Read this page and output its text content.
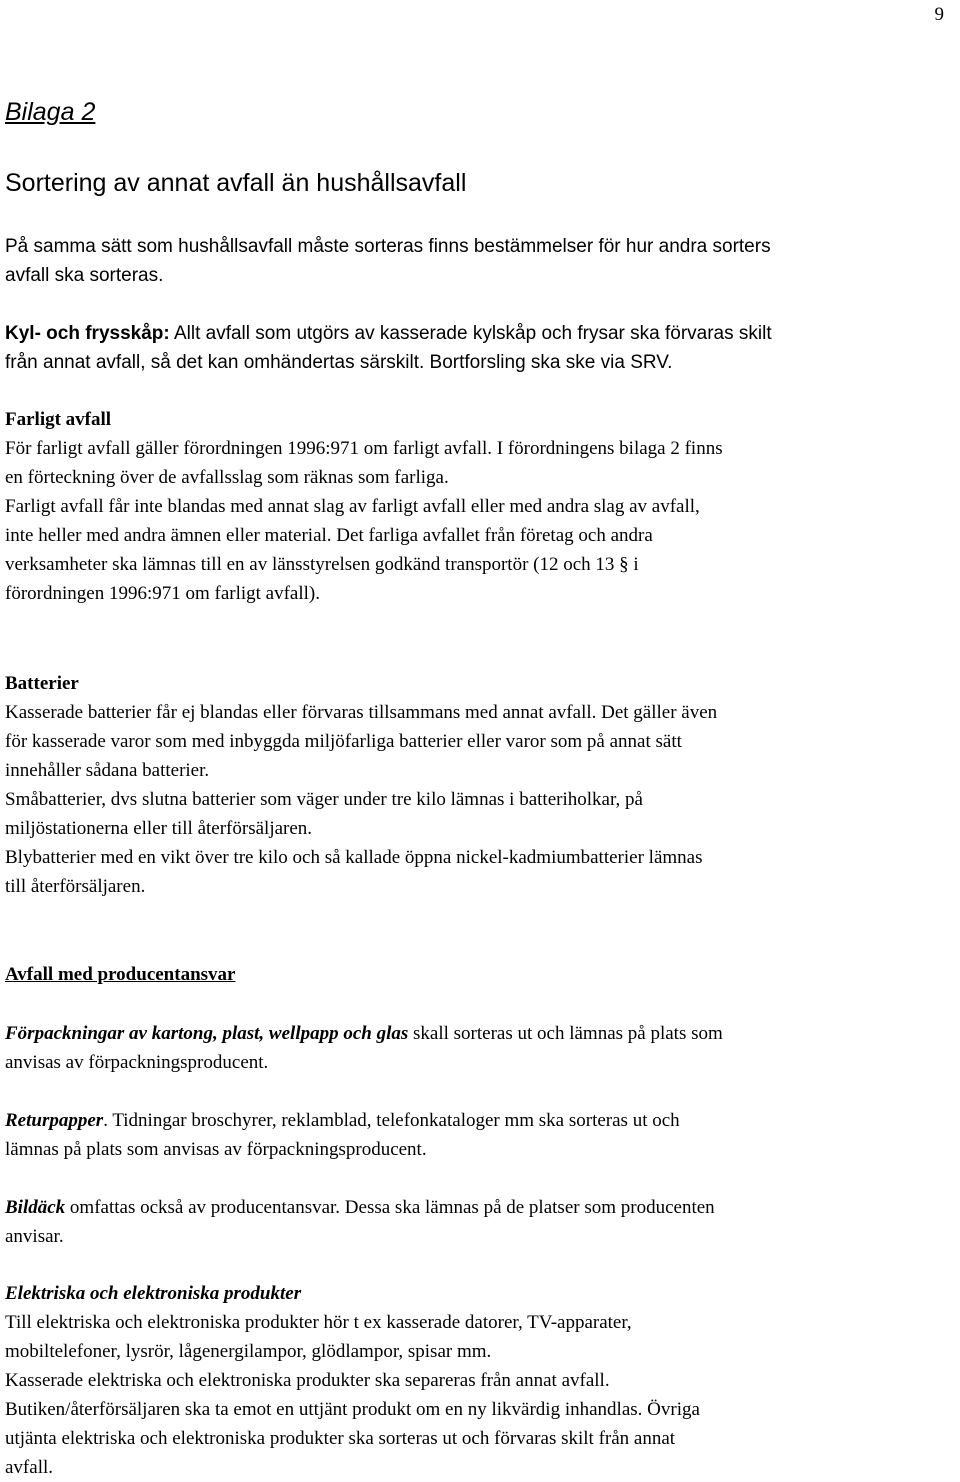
9
Bilaga 2
Sortering av annat avfall än hushållsavfall
På samma sätt som hushållsavfall måste sorteras finns bestämmelser för hur andra sorters
avfall ska sorteras.
Kyl- och frysskåp: Allt avfall som utgörs av kasserade kylskåp och frysar ska förvaras skilt
från annat avfall, så det kan omhändertas särskilt. Bortforsling ska ske via SRV.
Farligt avfall
För farligt avfall gäller förordningen 1996:971 om farligt avfall. I förordningens bilaga 2 finns
en förteckning över de avfallsslag som räknas som farliga.
Farligt avfall får inte blandas med annat slag av farligt avfall eller med andra slag av avfall,
inte heller med andra ämnen eller material. Det farliga avfallet från företag och andra
verksamheter ska lämnas till en av länsstyrelsen godkänd transportör (12 och 13 § i
förordningen 1996:971 om farligt avfall).
Batterier
Kasserade batterier får ej blandas eller förvaras tillsammans med annat avfall. Det gäller även
för kasserade varor som med inbyggda miljöfarliga batterier eller varor som på annat sätt
innehåller sådana batterier.
Småbatterier, dvs slutna batterier som väger under tre kilo lämnas i batteriholkar, på
miljöstationerna eller till återförsäljaren.
Blybatterier med en vikt över tre kilo och så kallade öppna nickel-kadmiumbatterier lämnas
till återförsäljaren.
Avfall med producentansvar
Förpackningar av kartong, plast, wellpapp och glas skall sorteras ut och lämnas på plats som
anvisas av förpackningsproducent.
Returpapper. Tidningar broschyrer, reklamblad, telefonkataloger mm ska sorteras ut och
lämnas på plats som anvisas av förpackningsproducent.
Bildäck omfattas också av producentansvar. Dessa ska lämnas på de platser som producenten
anvisar.
Elektriska och elektroniska produkter
Till elektriska och elektroniska produkter hör t ex kasserade datorer, TV-apparater,
mobiltelefoner, lysrör, lågenergilampor, glödlampor, spisar mm.
Kasserade elektriska och elektroniska produkter ska separeras från annat avfall.
Butiken/återförsäljaren ska ta emot en uttjänt produkt om en ny likvärdig inhandlas. Övriga
utjänta elektriska och elektroniska produkter ska sorteras ut och förvaras skilt från annat
avfall.
